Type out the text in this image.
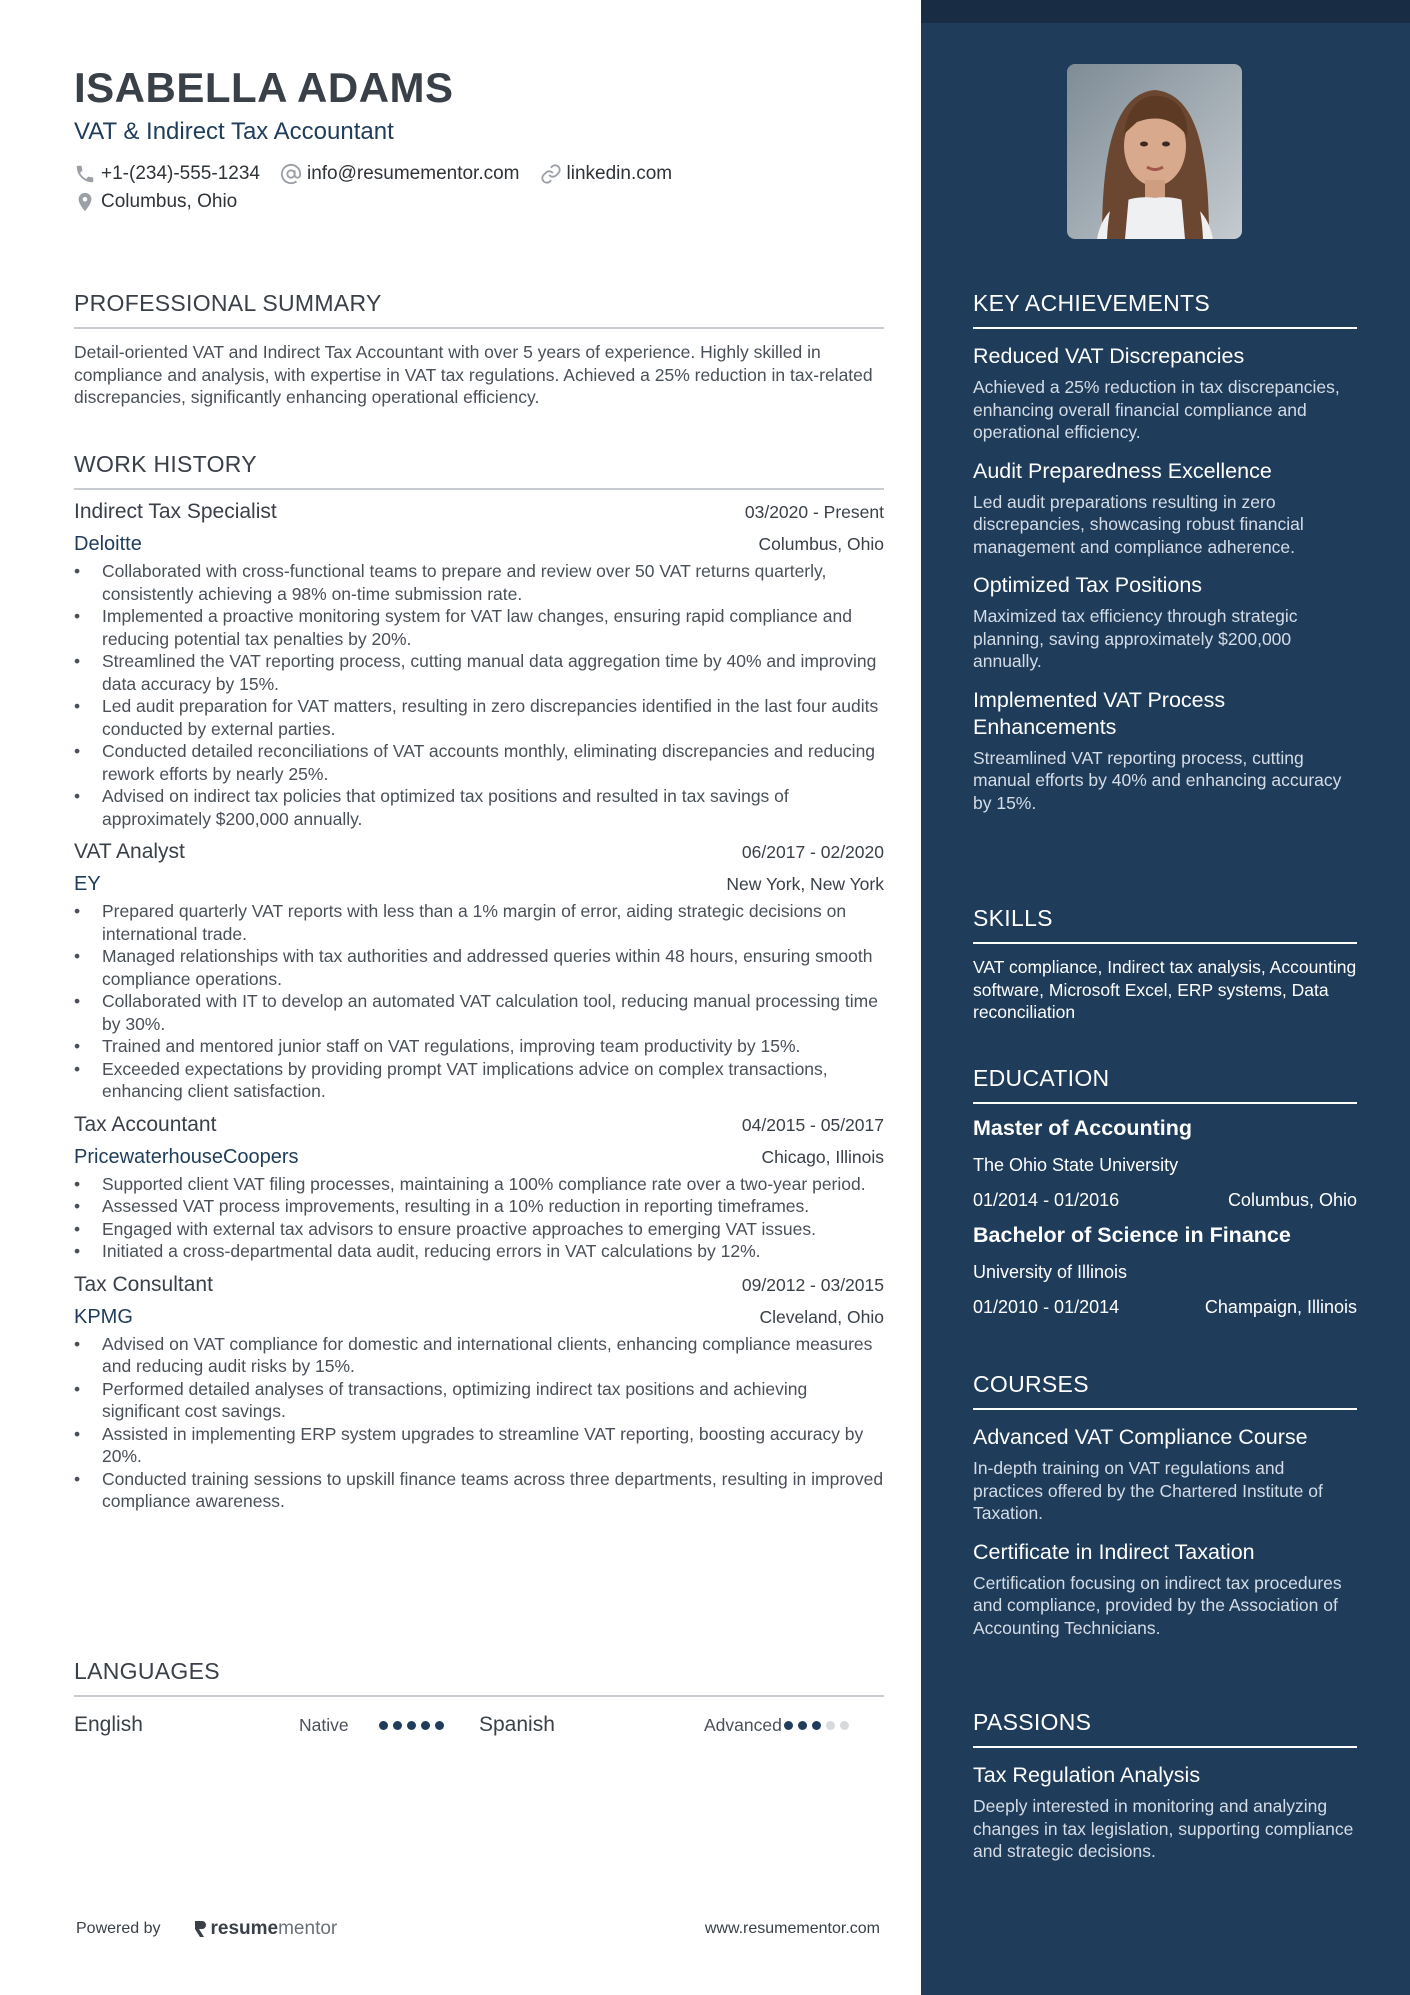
ISABELLA ADAMS
VAT & Indirect Tax Accountant
+1-(234)-555-1234 info@resumementor.com linkedin.com
Columbus, Ohio
PROFESSIONAL SUMMARY
Detail-oriented VAT and Indirect Tax Accountant with over 5 years of experience. Highly skilled in compliance and analysis, with expertise in VAT tax regulations. Achieved a 25% reduction in tax-related discrepancies, significantly enhancing operational efficiency.
WORK HISTORY
Indirect Tax Specialist	03/2020 - Present
Deloitte	Columbus, Ohio
• Collaborated with cross-functional teams to prepare and review over 50 VAT returns quarterly, consistently achieving a 98% on-time submission rate.
• Implemented a proactive monitoring system for VAT law changes, ensuring rapid compliance and reducing potential tax penalties by 20%.
• Streamlined the VAT reporting process, cutting manual data aggregation time by 40% and improving data accuracy by 15%.
• Led audit preparation for VAT matters, resulting in zero discrepancies identified in the last four audits conducted by external parties.
• Conducted detailed reconciliations of VAT accounts monthly, eliminating discrepancies and reducing rework efforts by nearly 25%.
• Advised on indirect tax policies that optimized tax positions and resulted in tax savings of approximately $200,000 annually.
VAT Analyst	06/2017 - 02/2020
EY	New York, New York
• Prepared quarterly VAT reports with less than a 1% margin of error, aiding strategic decisions on international trade.
• Managed relationships with tax authorities and addressed queries within 48 hours, ensuring smooth compliance operations.
• Collaborated with IT to develop an automated VAT calculation tool, reducing manual processing time by 30%.
• Trained and mentored junior staff on VAT regulations, improving team productivity by 15%.
• Exceeded expectations by providing prompt VAT implications advice on complex transactions, enhancing client satisfaction.
Tax Accountant	04/2015 - 05/2017
PricewaterhouseCoopers	Chicago, Illinois
• Supported client VAT filing processes, maintaining a 100% compliance rate over a two-year period.
• Assessed VAT process improvements, resulting in a 10% reduction in reporting timeframes.
• Engaged with external tax advisors to ensure proactive approaches to emerging VAT issues.
• Initiated a cross-departmental data audit, reducing errors in VAT calculations by 12%.
Tax Consultant	09/2012 - 03/2015
KPMG	Cleveland, Ohio
• Advised on VAT compliance for domestic and international clients, enhancing compliance measures and reducing audit risks by 15%.
• Performed detailed analyses of transactions, optimizing indirect tax positions and achieving significant cost savings.
• Assisted in implementing ERP system upgrades to streamline VAT reporting, boosting accuracy by 20%.
• Conducted training sessions to upskill finance teams across three departments, resulting in improved compliance awareness.
LANGUAGES
English	Native	Spanish	Advanced
Powered by	resume mentor	www.resumementor.com
KEY ACHIEVEMENTS
Reduced VAT Discrepancies
Achieved a 25% reduction in tax discrepancies, enhancing overall financial compliance and operational efficiency.
Audit Preparedness Excellence
Led audit preparations resulting in zero discrepancies, showcasing robust financial management and compliance adherence.
Optimized Tax Positions
Maximized tax efficiency through strategic planning, saving approximately $200,000 annually.
Implemented VAT Process Enhancements
Streamlined VAT reporting process, cutting manual efforts by 40% and enhancing accuracy by 15%.
SKILLS
VAT compliance, Indirect tax analysis, Accounting software, Microsoft Excel, ERP systems, Data reconciliation
EDUCATION
Master of Accounting
The Ohio State University
01/2014 - 01/2016	Columbus, Ohio
Bachelor of Science in Finance
University of Illinois
01/2010 - 01/2014	Champaign, Illinois
COURSES
Advanced VAT Compliance Course
In-depth training on VAT regulations and practices offered by the Chartered Institute of Taxation.
Certificate in Indirect Taxation
Certification focusing on indirect tax procedures and compliance, provided by the Association of Accounting Technicians.
PASSIONS
Tax Regulation Analysis
Deeply interested in monitoring and analyzing changes in tax legislation, supporting compliance and strategic decisions.
